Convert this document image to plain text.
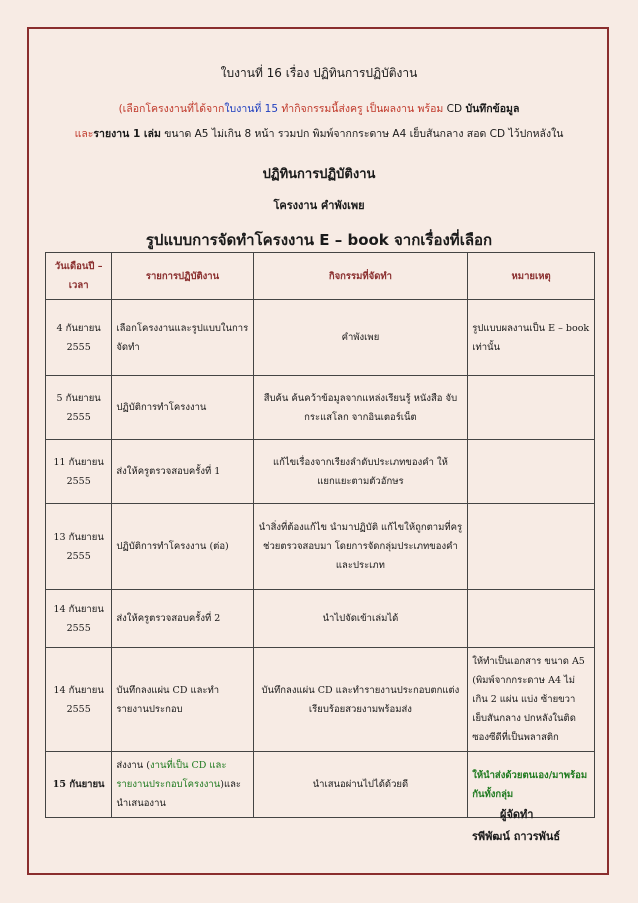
ใบงานที่ 16 เรื่อง ปฏิทินการปฏิบัติงาน
(เลือกโครงงานที่ได้จากใบงานที่ 15 ทำกิจกรรมนี้ส่งครู เป็นผลงาน พร้อม CD บันทึกข้อมูล
และรายงาน 1 เล่ม ขนาด A5 ไม่เกิน 8 หน้า รวมปก พิมพ์จากกระดาษ A4 เย็บสันกลาง สอด CD ไว้ปกหลังใน
ปฏิทินการปฏิบัติงาน
โครงงาน คำพังเพย
รูปแบบการจัดทำโครงงาน E – book จากเรื่องที่เลือก
วันเดือนปี – เวลา	รายการปฏิบัติงาน	กิจกรรมที่จัดทำ	หมายเหตุ
4 กันยายน 2555	เลือกโครงงานและรูปแบบในการจัดทำ	คำพังเพย	รูปแบบผลงานเป็น E – book เท่านั้น
5 กันยายน 2555	ปฏิบัติการทำโครงงาน	สืบค้น ค้นคว้าข้อมูลจากแหล่งเรียนรู้ หนังสือ จับกระแสโลก จากอินเตอร์เน็ต	
11 กันยายน 2555	ส่งให้ครูตรวจสอบครั้งที่ 1	แก้ไขเรื่องจากเรียงลำดับประเภทของคำ ให้แยกแยะตามตัวอักษร	
13 กันยายน 2555	ปฏิบัติการทำโครงงาน (ต่อ)	นำสิ่งที่ต้องแก้ไข นำมาปฏิบัติ แก้ไขให้ถูกตามที่ครูช่วยตรวจสอบมา โดยการจัดกลุ่มประเภทของคำ และประเภท	
14 กันยายน 2555	ส่งให้ครูตรวจสอบครั้งที่ 2	นำไปจัดเข้าเล่มได้	
14 กันยายน 2555	บันทึกลงแผ่น CD และทำรายงานประกอบ	บันทึกลงแผ่น CD และทำรายงานประกอบตกแต่งเรียบร้อยสวยงามพร้อมส่ง	ให้ทำเป็นเอกสาร ขนาด A5 (พิมพ์จากกระดาษ A4 ไม่เกิน 2 แผ่น แบ่ง ซ้ายขวา เย็บสันกลาง ปกหลังในติดซองซีดีที่เป็นพลาสติก
15 กันยายน	ส่งงาน (งานที่เป็น CD และรายงานประกอบโครงงาน)และนำเสนองาน	นำเสนอผ่านไปได้ด้วยดี	ให้นำส่งด้วยตนเอง/มาพร้อมกันทั้งกลุ่ม
ผู้จัดทำ
รพีพัฒน์ ถาวรพันธ์
